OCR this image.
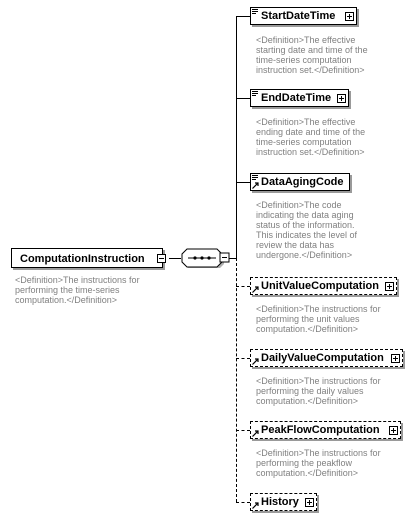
ComputationInstruction
<Definition>The instructions for
performing the time-series
computation.</Definition>
StartDateTime
<Definition>The effective
starting date and time of the
time-series computation
instruction set.</Definition>
EndDateTime
<Definition>The effective
ending date and time of the
time-series computation
instruction set.</Definition>
DataAgingCode
<Definition>The code
indicating the data aging
status of the information.
This indicates the level of
review the data has
undergone.</Definition>
UnitValueComputation
<Definition>The instructions for
performing the unit values
computation.</Definition>
DailyValueComputation
<Definition>The instructions for
performing the daily values
computation.</Definition>
PeakFlowComputation
<Definition>The instructions for
performing the peakflow
computation.</Definition>
History
